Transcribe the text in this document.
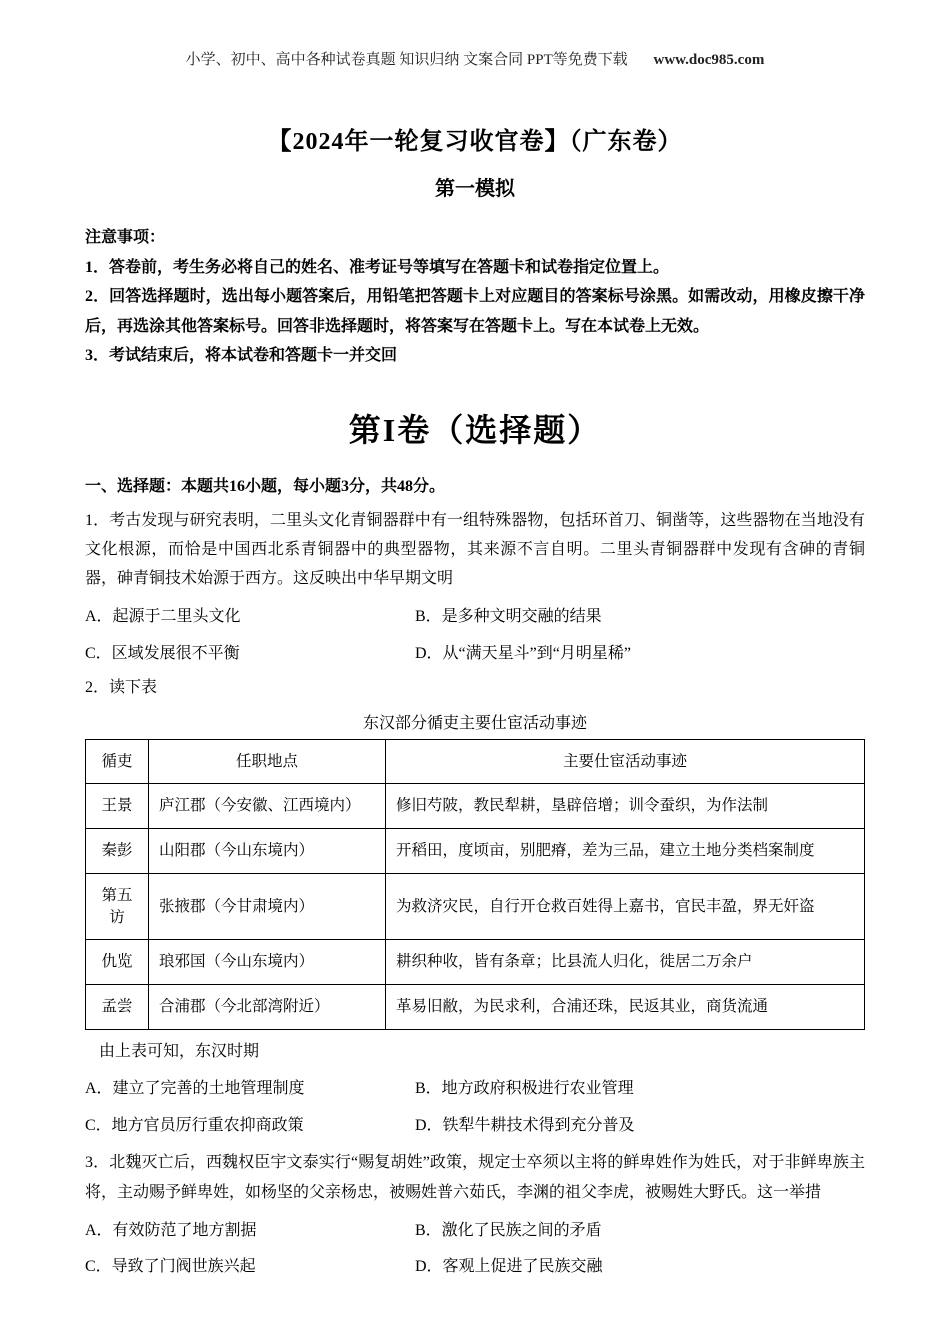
小学、初中、高中各种试卷真题 知识归纳 文案合同 PPT等免费下载 www.doc985.com
【2024年一轮复习收官卷】（广东卷）
第一模拟
注意事项：
1．答卷前，考生务必将自己的姓名、准考证号等填写在答题卡和试卷指定位置上。
2．回答选择题时，选出每小题答案后，用铅笔把答题卡上对应题目的答案标号涂黑。如需改动，用橡皮擦干净后，再选涂其他答案标号。回答非选择题时，将答案写在答题卡上。写在本试卷上无效。
3．考试结束后，将本试卷和答题卡一并交回
第I卷（选择题）
一、选择题：本题共16小题，每小题3分，共48分。

1．考古发现与研究表明，二里头文化青铜器群中有一组特殊器物，包括环首刀、铜凿等，这些器物在当地没有文化根源，而恰是中国西北系青铜器中的典型器物，其来源不言自明。二里头青铜器群中发现有含砷的青铜器，砷青铜技术始源于西方。这反映出中华早期文明

A．起源于二里头文化	B．是多种文明交融的结果
C．区域发展很不平衡	D．从“满天星斗”到“月明星稀”

2．读下表

东汉部分循吏主要仕宦活动事迹
循吏	任职地点	主要仕宦活动事迹
王景	庐江郡（今安徽、江西境内）	修旧芍陂，教民犁耕，垦辟倍增；训令蚕织，为作法制
秦彭	山阳郡（今山东境内）	开稻田，度顷亩，别肥瘠，差为三品，建立土地分类档案制度
第五访	张掖郡（今甘肃境内）	为救济灾民，自行开仓救百姓得上嘉书，官民丰盈，界无奸盗
仇览	琅邪国（今山东境内）	耕织种收，皆有条章；比县流人归化，徙居二万余户
孟尝	合浦郡（今北部湾附近）	革易旧敝，为民求利，合浦还珠，民返其业，商货流通
由上表可知，东汉时期
A．建立了完善的土地管理制度	B．地方政府积极进行农业管理
C．地方官员厉行重农抑商政策	D．铁犁牛耕技术得到充分普及

3．北魏灭亡后，西魏权臣宇文泰实行“赐复胡姓”政策，规定士卒须以主将的鲜卑姓作为姓氏，对于非鲜卑族主将，主动赐予鲜卑姓，如杨坚的父亲杨忠，被赐姓普六茹氏，李渊的祖父李虎，被赐姓大野氏。这一举措

A．有效防范了地方割据	B．激化了民族之间的矛盾
C．导致了门阀世族兴起	D．客观上促进了民族交融
